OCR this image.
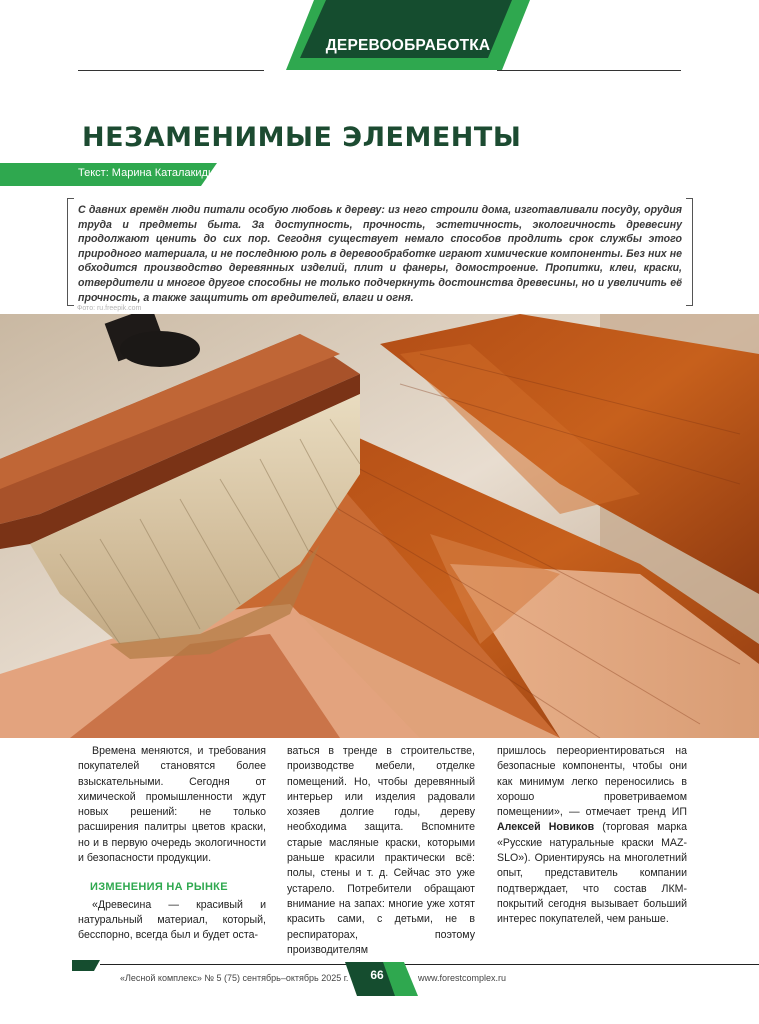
ДЕРЕВООБРАБОТКА
НЕЗАМЕНИМЫЕ ЭЛЕМЕНТЫ
Текст: Марина Каталакиди
С давних времён люди питали особую любовь к дереву: из него строили дома, изготавливали посуду, орудия труда и предметы быта. За доступность, прочность, эстетичность, экологичность древесину продолжают ценить до сих пор. Сегодня существует немало способов продлить срок службы этого природного материала, и не последнюю роль в деревообработке играют химические компоненты. Без них не обходится производство деревянных изделий, плит и фанеры, домостроение. Пропитки, клеи, краски, отвердители и многое другое способны не только подчеркнуть достоинства древесины, но и увеличить её прочность, а также защитить от вредителей, влаги и огня.
Фото: ru.freepik.com

Времена меняются, и требования покупателей становятся более взыскательными. Сегодня от химической промышленности ждут новых решений: не только расширения палитры цветов краски, но и в первую очередь экологичности и безопасности продукции.

ИЗМЕНЕНИЯ НА РЫНКЕ

«Древесина — красивый и натуральный материал, который, бесспорно, всегда был и будет оста-

ваться в тренде в строительстве, производстве мебели, отделке помещений. Но, чтобы деревянный интерьер или изделия радовали хозяев долгие годы, дереву необходима защита. Вспомните старые масляные краски, которыми раньше красили практически всё: полы, стены и т. д. Сейчас это уже устарело. Потребители обращают внимание на запах: многие уже хотят красить сами, с детьми, не в респираторах, поэтому производителям

пришлось переориентироваться на безопасные компоненты, чтобы они как минимум легко переносились в хорошо проветриваемом помещении», — отмечает тренд ИП Алексей Новиков (торговая марка «Русские натуральные краски MAZ-SLO»). Ориентируясь на многолетний опыт, представитель компании подтверждает, что состав ЛКМ-покрытий сегодня вызывает больший интерес покупателей, чем раньше.

«Лесной комплекс» № 5 (75) сентябрь–октябрь 2025 г.	66	www.forestcomplex.ru
